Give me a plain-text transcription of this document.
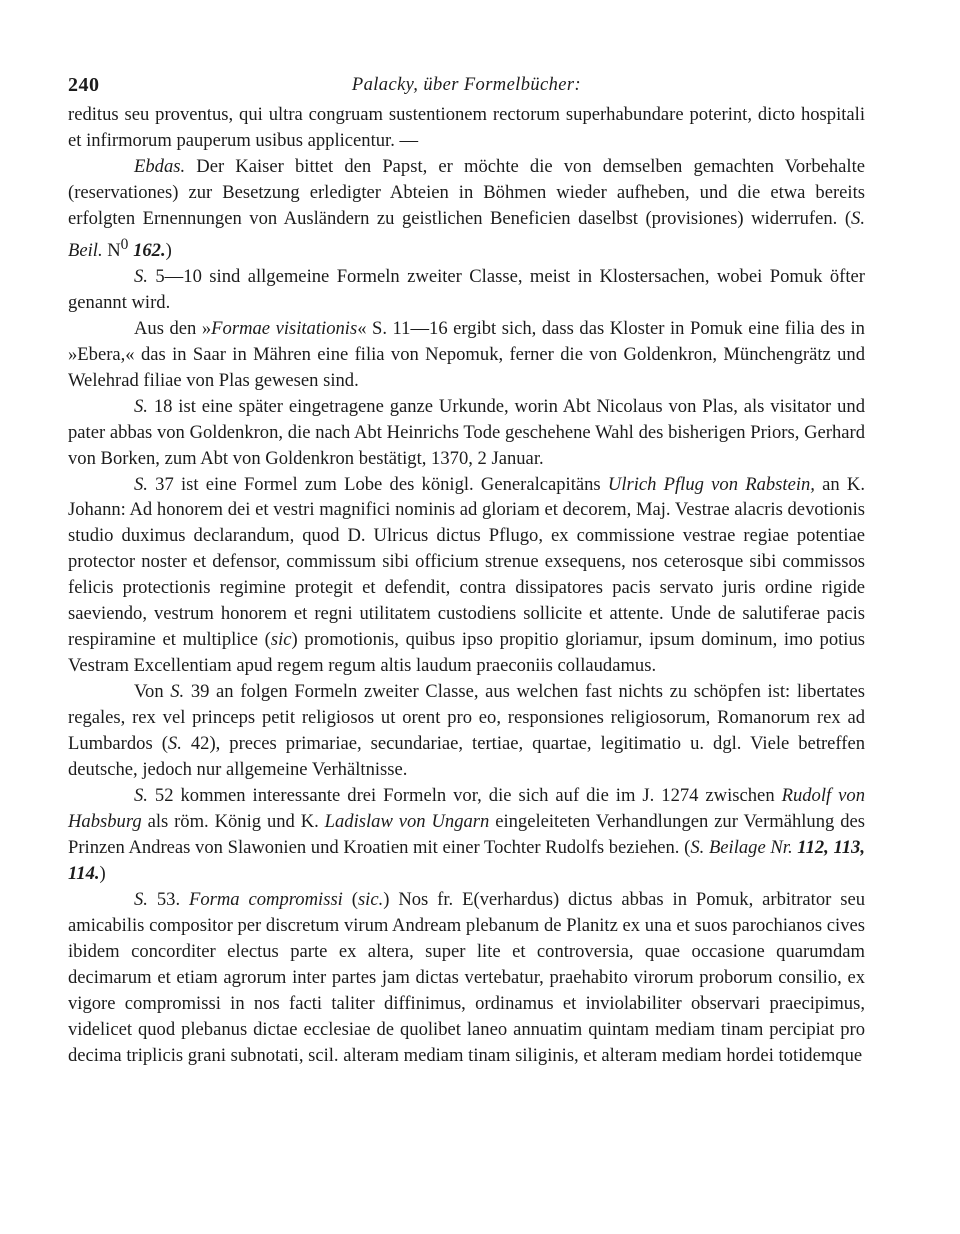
240	Palacky, über Formelbücher:

reditus seu proventus, qui ultra congruam sustentionem rectorum superhabundare poterint, dicto hospitali et infirmorum pauperum usibus applicentur. —

Ebdas. Der Kaiser bittet den Papst, er möchte die von demselben gemachten Vorbehalte (reservationes) zur Besetzung erledigter Abteien in Böhmen wieder aufheben, und die etwa bereits erfolgten Ernennungen von Ausländern zu geistlichen Beneficien daselbst (provisiones) widerrufen. (S. Beil. $N^0$ 162.)

S. 5—10 sind allgemeine Formeln zweiter Classe, meist in Klostersachen, wobei Pomuk öfter genannt wird.

Aus den »Formae visitationis« S. 11—16 ergibt sich, dass das Kloster in Pomuk eine filia des in »Ebera,« das in Saar in Mähren eine filia von Nepomuk, ferner die von Goldenkron, Münchengrätz und Welehrad filiae von Plas gewesen sind.

S. 18 ist eine später eingetragene ganze Urkunde, worin Abt Nicolaus von Plas, als visitator und pater abbas von Goldenkron, die nach Abt Heinrichs Tode geschehene Wahl des bisherigen Priors, Gerhard von Borken, zum Abt von Goldenkron bestätigt, 1370, 2 Januar.

S. 37 ist eine Formel zum Lobe des königl. Generalcapitäns Ulrich Pflug von Rabstein, an K. Johann: Ad honorem dei et vestri magnifici nominis ad gloriam et decorem, Maj. Vestrae alacris devotionis studio duximus declarandum, quod D. Ulricus dictus Pflugo, ex commissione vestrae regiae potentiae protector noster et defensor, commissum sibi officium strenue exsequens, nos ceterosque sibi commissos felicis protectionis regimine protegit et defendit, contra dissipatores pacis servato juris ordine rigide saeviendo, vestrum honorem et regni utilitatem custodiens sollicite et attente. Unde de salutiferae pacis respiramine et multiplice (sic) promotionis, quibus ipso propitio gloriamur, ipsum dominum, imo potius Vestram Excellentiam apud regem regum altis laudum praeconiis collaudamus.

Von S. 39 an folgen Formeln zweiter Classe, aus welchen fast nichts zu schöpfen ist: libertates regales, rex vel princeps petit religiosos ut orent pro eo, responsiones religiosorum, Romanorum rex ad Lumbardos (S. 42), preces primariae, secundariae, tertiae, quartae, legitimatio u. dgl. Viele betreffen deutsche, jedoch nur allgemeine Verhältnisse.

S. 52 kommen interessante drei Formeln vor, die sich auf die im J. 1274 zwischen Rudolf von Habsburg als röm. König und K. Ladislaw von Ungarn eingeleiteten Verhandlungen zur Vermählung des Prinzen Andreas von Slawonien und Kroatien mit einer Tochter Rudolfs beziehen. (S. Beilage Nr. 112, 113, 114.)

S. 53. Forma compromissi (sic.) Nos fr. E(verhardus) dictus abbas in Pomuk, arbitrator seu amicabilis compositor per discretum virum Andream plebanum de Planitz ex una et suos parochianos cives ibidem concorditer electus parte ex altera, super lite et controversia, quae occasione quarumdam decimarum et etiam agrorum inter partes jam dictas vertebatur, praehabito virorum proborum consilio, ex vigore compromissi in nos facti taliter diffinimus, ordinamus et inviolabiliter observari praecipimus, videlicet quod plebanus dictae ecclesiae de quolibet laneo annuatim quintam mediam tinam percipiat pro decima triplicis grani subnotati, scil. alteram mediam tinam siliginis, et alteram mediam hordei totidemque
